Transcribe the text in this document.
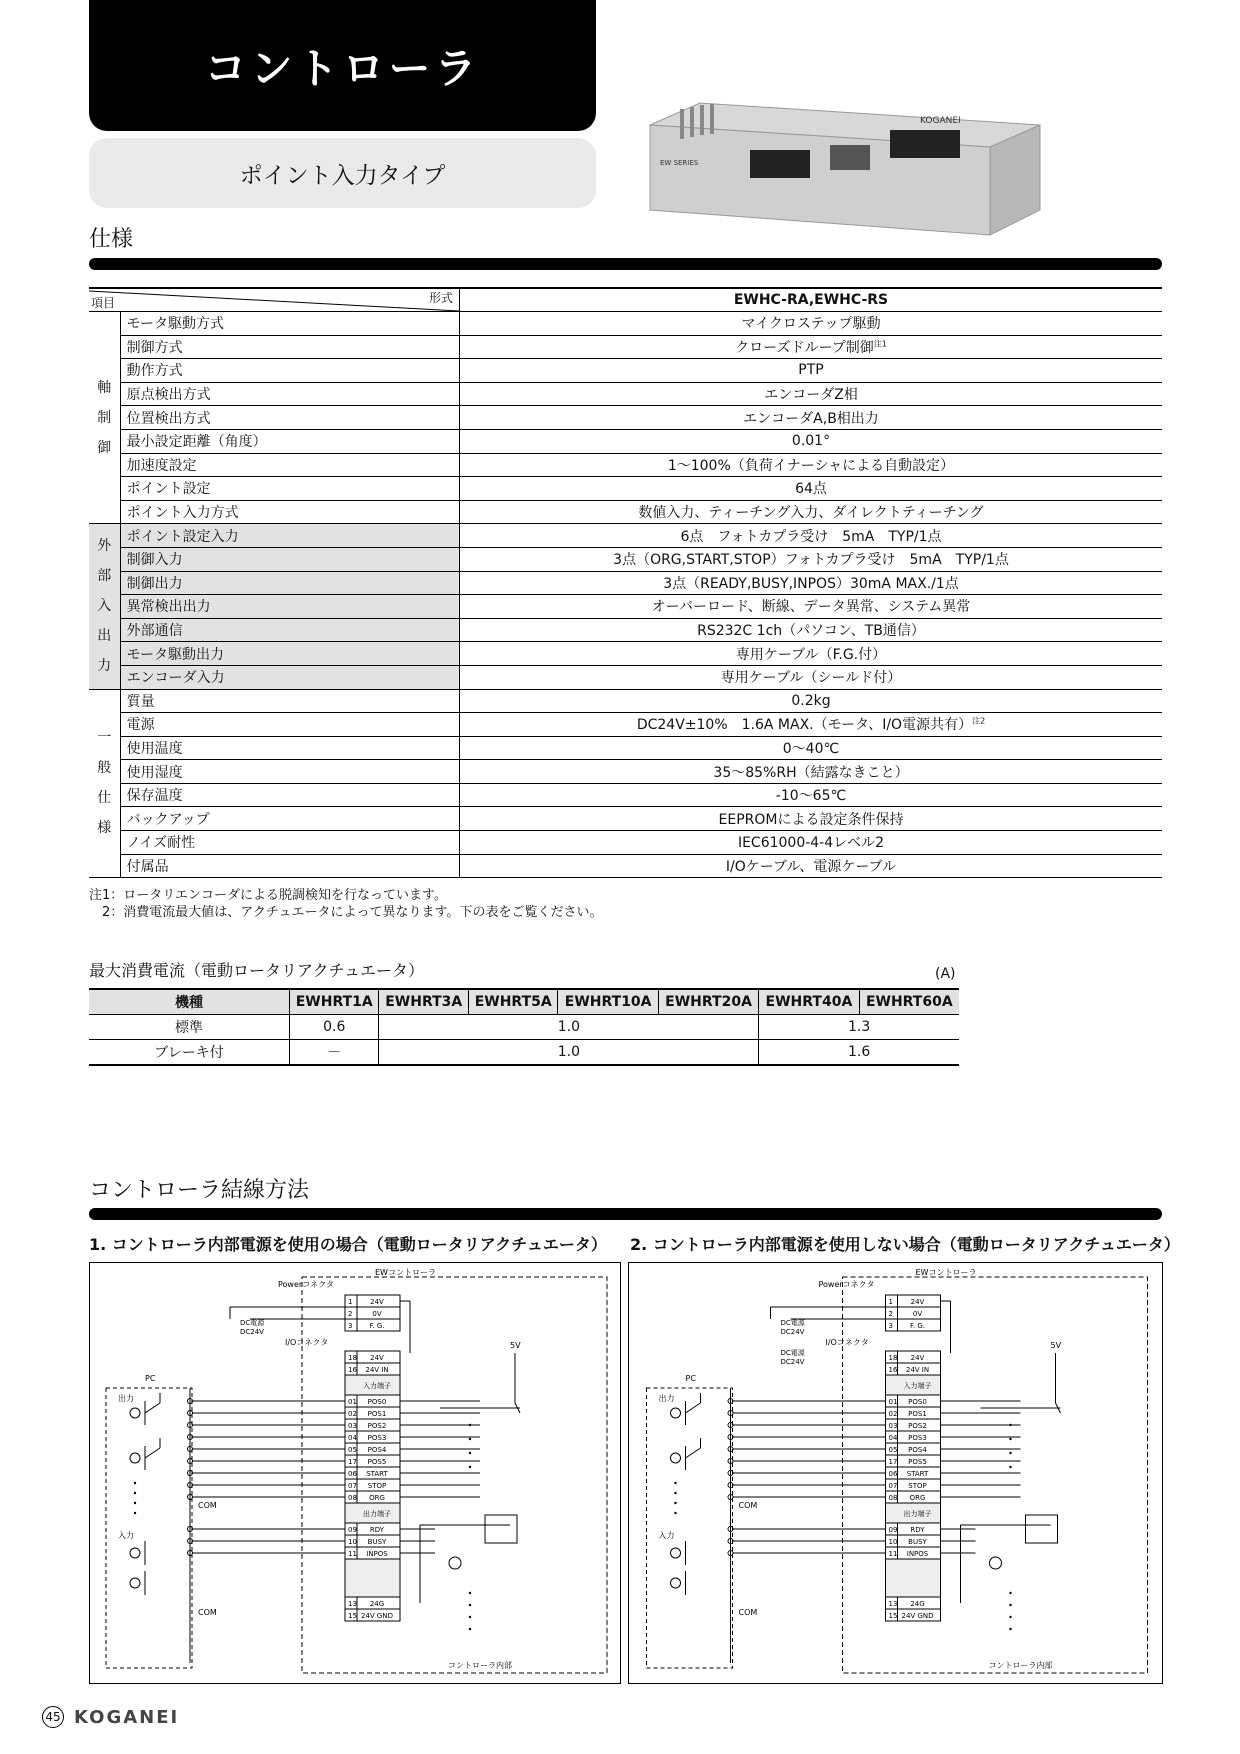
コントローラ
ポイント入力タイプ
KOGANEI
EW SERIES
仕様
形式
項目		EWHC-RA,EWHC-RS
軸
制
御	モータ駆動方式	マイクロステップ駆動
	制御方式	クローズドループ制御$^{注1}$
	動作方式	PTP
	原点検出方式	エンコーダZ相
	位置検出方式	エンコーダA,B相出力
	最小設定距離（角度）	0.01°
	加速度設定	1～100%（負荷イナーシャによる自動設定）
	ポイント設定	64点
	ポイント入力方式	数値入力、ティーチング入力、ダイレクトティーチング
外
部
入
出
力	ポイント設定入力	6点　フォトカプラ受け　5mA　TYP/1点
	制御入力	3点（ORG,START,STOP）フォトカプラ受け　5mA　TYP/1点
	制御出力	3点（READY,BUSY,INPOS）30mA MAX./1点
	異常検出出力	オーバーロード、断線、データ異常、システム異常
	外部通信	RS232C 1ch（パソコン、TB通信）
	モータ駆動出力	専用ケーブル（F.G.付）
	エンコーダ入力	専用ケーブル（シールド付）
一
般
仕
様	質量	0.2kg
	電源	DC24V±10%　1.6A MAX.（モータ、I/O電源共有）$^{注2}$
	使用温度	0～40℃
	使用湿度	35～85%RH（結露なきこと）
	保存温度	-10～65℃
	バックアップ	EEPROMによる設定条件保持
	ノイズ耐性	IEC61000-4-4レベル2
	付属品	I/Oケーブル、電源ケーブル
注1：ロータリエンコーダによる脱調検知を行なっています。
　2：消費電流最大値は、アクチュエータによって異なります。下の表をご覧ください。
最大消費電流（電動ロータリアクチュエータ）	(A)
機種	EWHRT1A	EWHRT3A	EWHRT5A	EWHRT10A	EWHRT20A	EWHRT40A	EWHRT60A
標準	0.6	1.0				1.3	
ブレーキ付	－	1.0				1.6	
コントローラ結線方法
1. コントローラ内部電源を使用の場合（電動ロータリアクチュエータ） 2. コントローラ内部電源を使用しない場合（電動ロータリアクチュエータ）
EWコントローラ
Powerコネクタ
1	24V
2	0V
3 F. G.
DC電源
DC24V
I/Oコネクタ
18 24V
16 24V IN
入力端子
01 POS0
02 POS1
03 POS2
04 POS3
05 POS4
17 POS5
06 START
07 STOP
08 ORG
出力端子
09 RDY
10 BUSY
11 INPOS
13 24G
15 24V GND
コントローラ内部
PC
出力
入力
COM
COM
5V
EWコントローラ
Powerコネクタ
1	24V
2	0V
3 F. G.
DC電源
DC24V
I/Oコネクタ
DC電源
DC24V	18 24V
16 24V IN
入力端子
01 POS0
02 POS1
03 POS2
04 POS3
05 POS4
17 POS5
06 START
07 STOP
08 ORG
出力端子
09 RDY
10 BUSY
11 INPOS
13 24G
15 24V GND
コントローラ内部
PC
出力
入力
COM
COM
5V
45 KOGANEI
